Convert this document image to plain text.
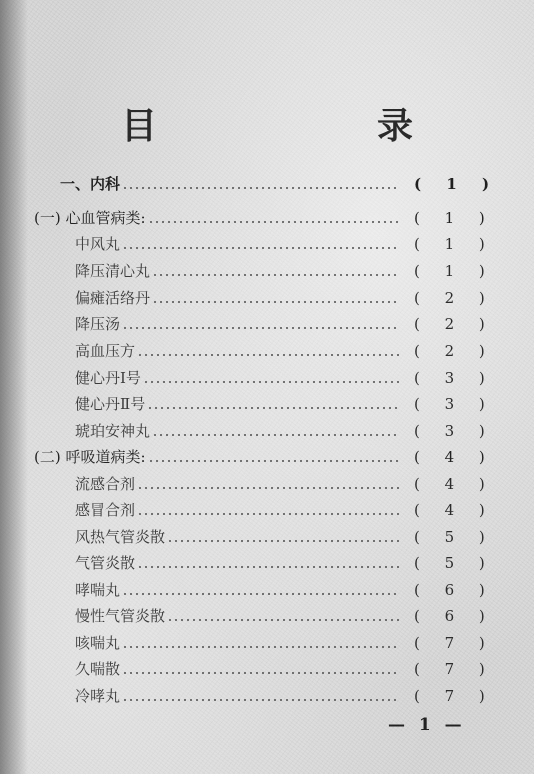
目　录
一、内科	( 1 )
(一) 心血管病类:	( 1 )
中风丸	( 1 )
降压清心丸	( 1 )
偏瘫活络丹	( 2 )
降压汤	( 2 )
高血压方	( 2 )
健心丹Ⅰ号	( 3 )
健心丹Ⅱ号	( 3 )
琥珀安神丸	( 3 )
(二) 呼吸道病类:	( 4 )
流感合剂	( 4 )
感冒合剂	( 4 )
风热气管炎散	( 5 )
气管炎散	( 5 )
哮喘丸	( 6 )
慢性气管炎散	( 6 )
咳喘丸	( 7 )
久喘散	( 7 )
冷哮丸	( 7 )
— 1 —
